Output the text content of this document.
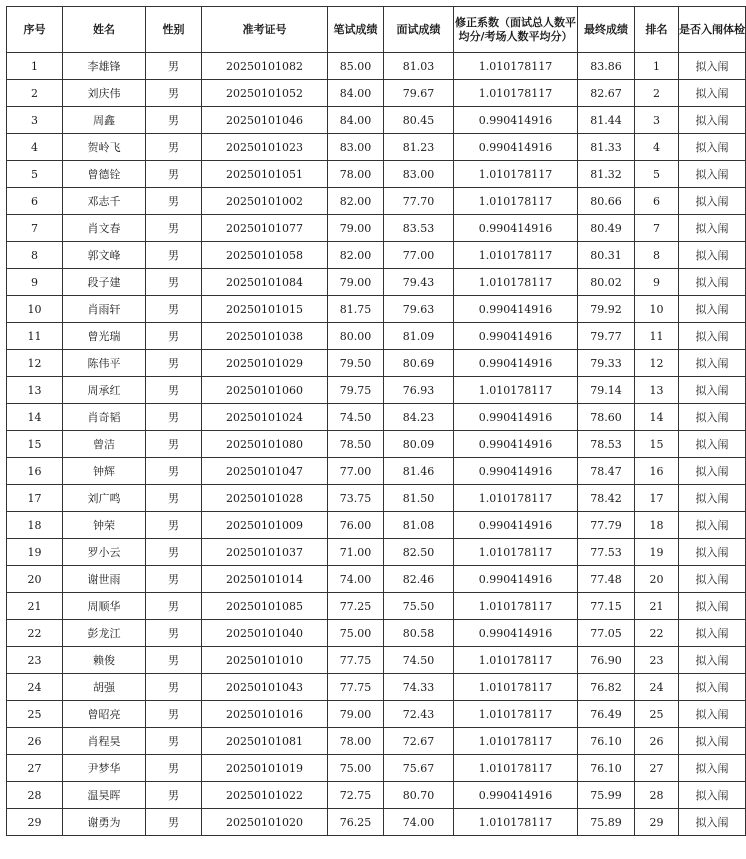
序号	姓名	性别	准考证号	笔试成绩	面试成绩	修正系数（面试总人数平均分/考场人数平均分）	最终成绩	排名	是否入闱体检
1	李雄锋	男	20250101082	85.00	81.03	1.010178117	83.86	1	拟入闱
2	刘庆伟	男	20250101052	84.00	79.67	1.010178117	82.67	2	拟入闱
3	周鑫	男	20250101046	84.00	80.45	0.990414916	81.44	3	拟入闱
4	贺岭飞	男	20250101023	83.00	81.23	0.990414916	81.33	4	拟入闱
5	曾德铨	男	20250101051	78.00	83.00	1.010178117	81.32	5	拟入闱
6	邓志千	男	20250101002	82.00	77.70	1.010178117	80.66	6	拟入闱
7	肖文春	男	20250101077	79.00	83.53	0.990414916	80.49	7	拟入闱
8	郭文峰	男	20250101058	82.00	77.00	1.010178117	80.31	8	拟入闱
9	段子建	男	20250101084	79.00	79.43	1.010178117	80.02	9	拟入闱
10	肖雨轩	男	20250101015	81.75	79.63	0.990414916	79.92	10	拟入闱
11	曾光瑞	男	20250101038	80.00	81.09	0.990414916	79.77	11	拟入闱
12	陈伟平	男	20250101029	79.50	80.69	0.990414916	79.33	12	拟入闱
13	周承红	男	20250101060	79.75	76.93	1.010178117	79.14	13	拟入闱
14	肖奇韬	男	20250101024	74.50	84.23	0.990414916	78.60	14	拟入闱
15	曾洁	男	20250101080	78.50	80.09	0.990414916	78.53	15	拟入闱
16	钟辉	男	20250101047	77.00	81.46	0.990414916	78.47	16	拟入闱
17	刘广鸣	男	20250101028	73.75	81.50	1.010178117	78.42	17	拟入闱
18	钟荣	男	20250101009	76.00	81.08	0.990414916	77.79	18	拟入闱
19	罗小云	男	20250101037	71.00	82.50	1.010178117	77.53	19	拟入闱
20	谢世雨	男	20250101014	74.00	82.46	0.990414916	77.48	20	拟入闱
21	周顺华	男	20250101085	77.25	75.50	1.010178117	77.15	21	拟入闱
22	彭龙江	男	20250101040	75.00	80.58	0.990414916	77.05	22	拟入闱
23	赖俊	男	20250101010	77.75	74.50	1.010178117	76.90	23	拟入闱
24	胡强	男	20250101043	77.75	74.33	1.010178117	76.82	24	拟入闱
25	曾昭亮	男	20250101016	79.00	72.43	1.010178117	76.49	25	拟入闱
26	肖程昊	男	20250101081	78.00	72.67	1.010178117	76.10	26	拟入闱
27	尹梦华	男	20250101019	75.00	75.67	1.010178117	76.10	27	拟入闱
28	温昊晖	男	20250101022	72.75	80.70	0.990414916	75.99	28	拟入闱
29	谢勇为	男	20250101020	76.25	74.00	1.010178117	75.89	29	拟入闱
